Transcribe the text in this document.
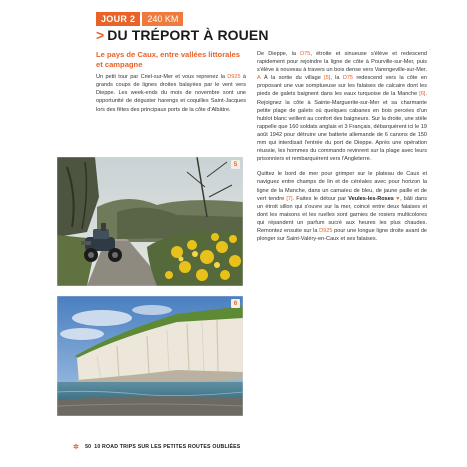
JOUR 2	240 KM
> DU TRÉPORT À ROUEN

Le pays de Caux, entre vallées littorales et campagne

Un petit tour par Criel-sur-Mer et vous reprenez la D925 à grands coups de lignes droites balayées par le vent vers Dieppe. Les week-ends du mois de novembre sont une opportunité de déguster harengs et coquilles Saint-Jacques lors des fêtes des principaux ports de la côte d'Albâtre.

5
6

De Dieppe, la D75, étroite et sinueuse s'élève et redescend rapidement pour rejoindre la ligne de côte à Pourville-sur-Mer, puis s'élève à nouveau à travers un bois dense vers Varengeville-sur-Mer. A À la sortie du village [5], la D75 redescend vers la côte en proposant une vue somptueuse sur les falaises de calcaire dont les pieds de galets baignent dans les eaux turquoise de la Manche [6]. Rejoignez la côte à Sainte-Marguerite-sur-Mer et sa charmante petite plage de galets où quelques cabanes en bois percées d'un hublot blanc veillent au confort des baigneurs. Sur la droite, une stèle rappelle que 160 soldats anglais et 3 Français, débarquèrent ici le 19 août 1942 pour détruire une batterie allemande de 6 canons de 150 mm qui interdisait l'entrée du port de Dieppe. Après une opération réussie, les hommes du commando revinrent sur la plage avec leurs prisonniers et rembarquèrent vers l'Angleterre.

Quittez le bord de mer pour grimper sur le plateau de Caux et naviguez entre champs de lin et de céréales avec pour horizon la ligne de la Manche, dans un camaïeu de bleu, de jaune paille et de vert tendre [7]. Faites le détour par Veules-les-Roses ♥, bâti dans un étroit sillon qui s'ouvre sur la mer, coincé entre deux falaises et dont les maisons et les ruelles sont garnies de rosiers multicolores qui répandent un parfum sucré aux heures les plus chaudes. Remontez ensuite sur la D925 pour une longue ligne droite avant de plonger sur Saint-Valéry-en-Caux et ses falaises.

✲ 50 10 ROAD TRIPS SUR LES PETITES ROUTES OUBLIÉES
